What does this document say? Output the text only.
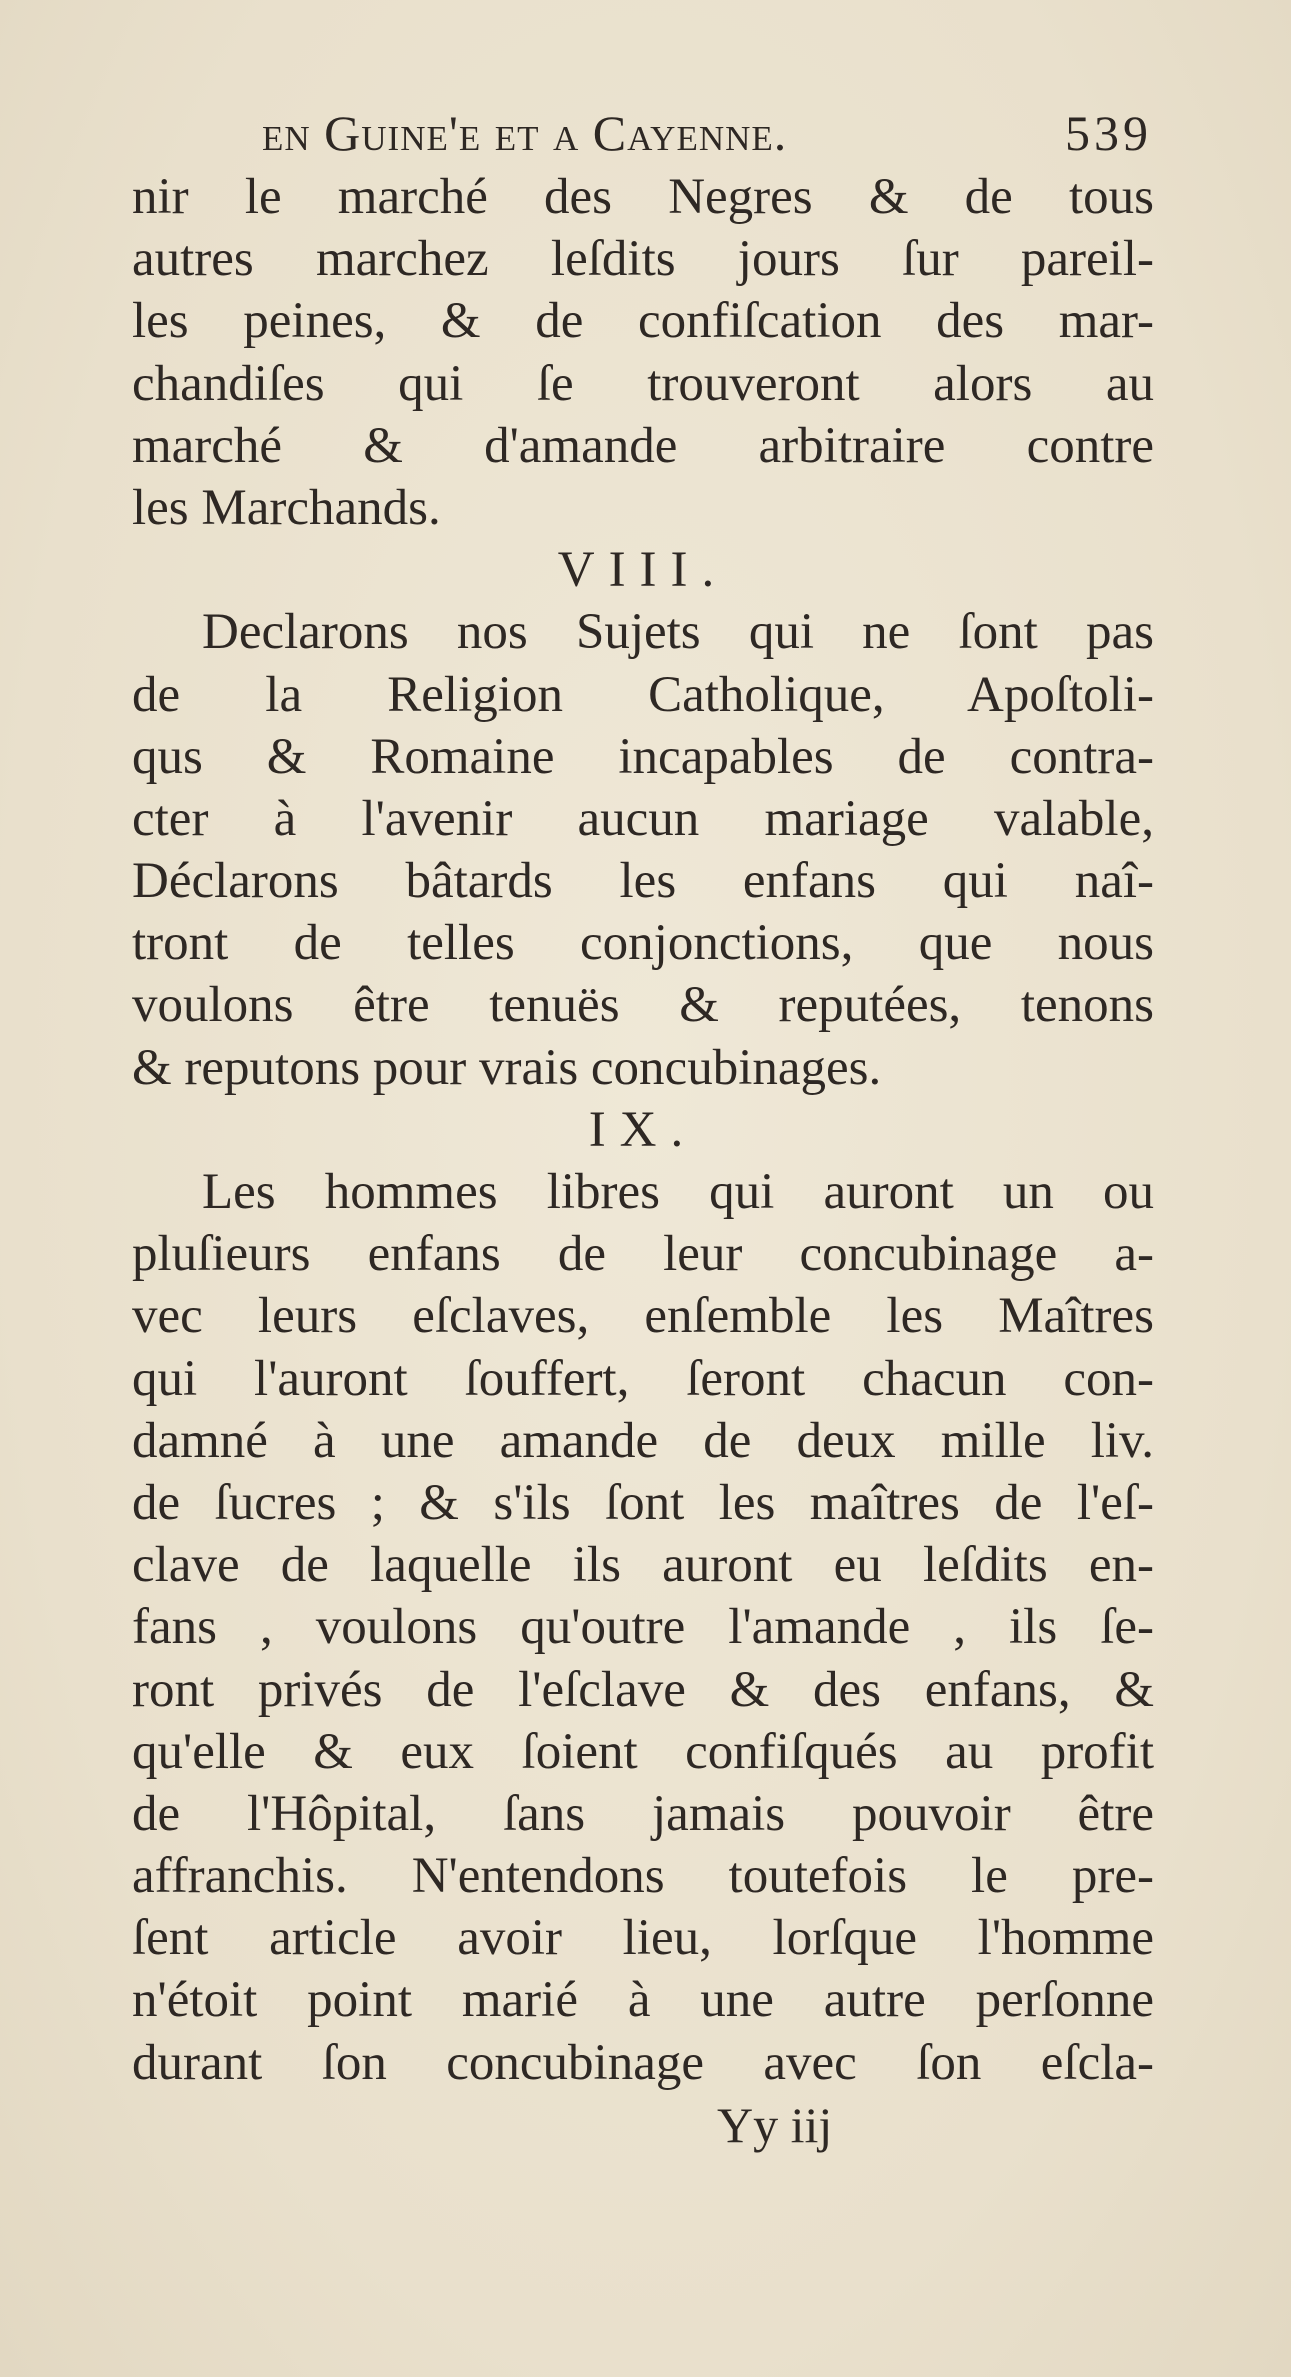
en Guine'e et a Cayenne.	539
nir le marché des Negres & de tous
autres marchez leſdits jours ſur pareil-
les peines, & de confiſcation des mar-
chandiſes qui ſe trouveront alors au
marché & d'amande arbitraire contre
les Marchands.
VIII.
Declarons nos Sujets qui ne ſont pas
de la Religion Catholique, Apoſtoli-
qus & Romaine incapables de contra-
cter à l'avenir aucun mariage valable,
Déclarons bâtards les enfans qui naî-
tront de telles conjonctions, que nous
voulons être tenuës & reputées, tenons
& reputons pour vrais concubinages.
IX.
Les hommes libres qui auront un ou
pluſieurs enfans de leur concubinage a-
vec leurs eſclaves, enſemble les Maîtres
qui l'auront ſouffert, ſeront chacun con-
damné à une amande de deux mille liv.
de ſucres ; & s'ils ſont les maîtres de l'eſ-
clave de laquelle ils auront eu leſdits en-
fans , voulons qu'outre l'amande , ils ſe-
ront privés de l'eſclave & des enfans, &
qu'elle & eux ſoient confiſqués au profit
de l'Hôpital, ſans jamais pouvoir être
affranchis. N'entendons toutefois le pre-
ſent article avoir lieu, lorſque l'homme
n'étoit point marié à une autre perſonne
durant ſon concubinage avec ſon eſcla-
Yy iij
